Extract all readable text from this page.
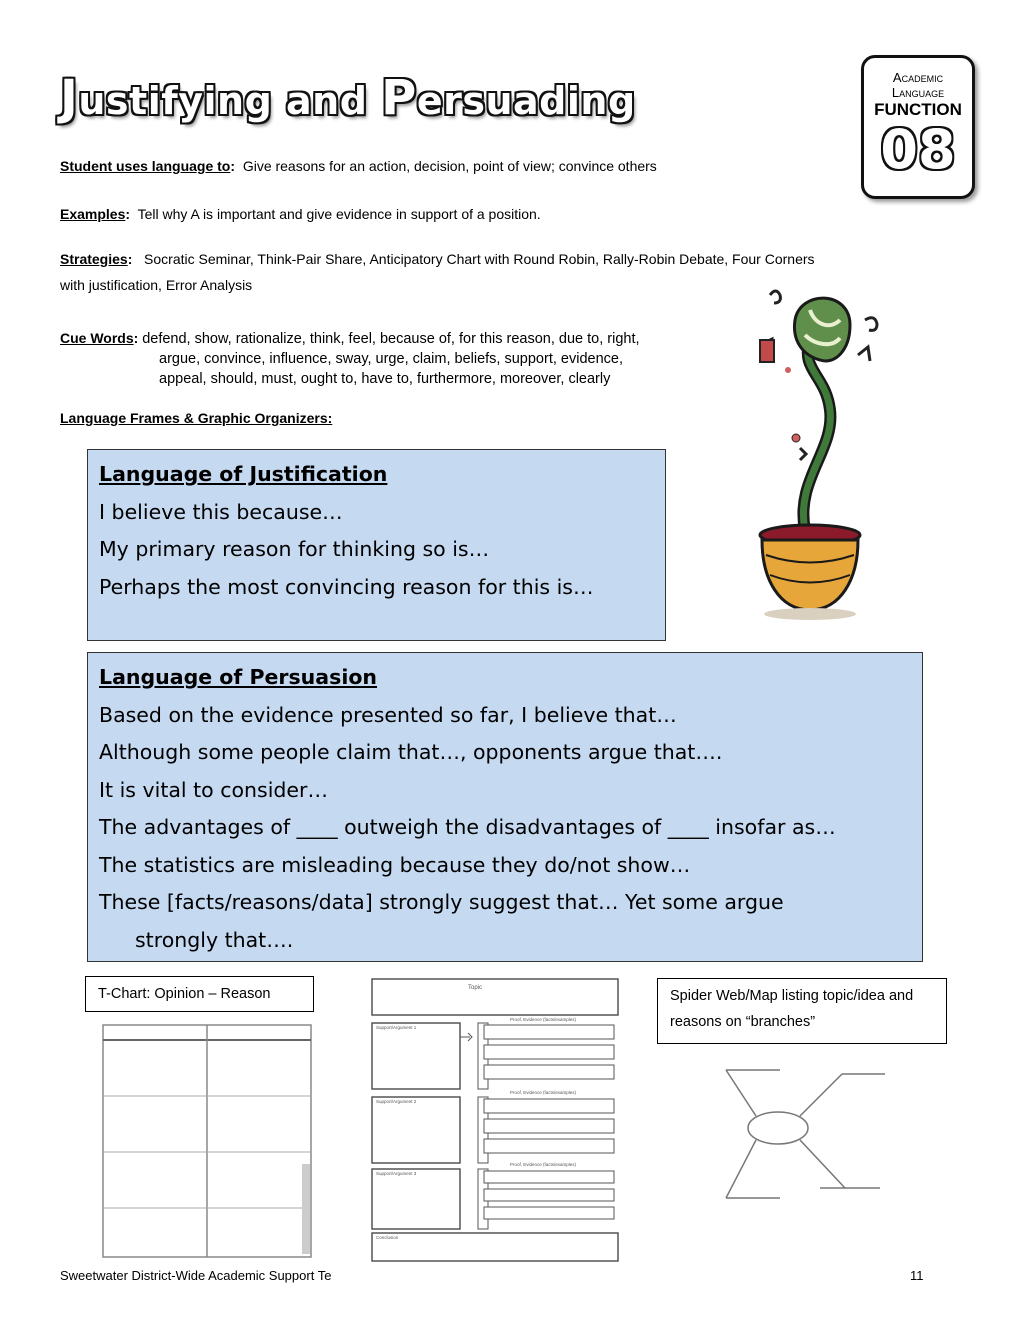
Justifying and Persuading
Academic
Language
FUNCTION
08
Student uses language to: Give reasons for an action, decision, point of view; convince others
Examples: Tell why A is important and give evidence in support of a position.
Strategies: Socratic Seminar, Think-Pair Share, Anticipatory Chart with Round Robin, Rally-Robin Debate, Four Corners
with justification, Error Analysis
Cue Words: defend, show, rationalize, think, feel, because of, for this reason, due to, right,
argue, convince, influence, sway, urge, claim, beliefs, support, evidence,
appeal, should, must, ought to, have to, furthermore, moreover, clearly
Language Frames & Graphic Organizers:
Language of Justification
I believe this because…
My primary reason for thinking so is…
Perhaps the most convincing reason for this is…
Language of Persuasion
Based on the evidence presented so far, I believe that…
Although some people claim that…, opponents argue that….
It is vital to consider…
The advantages of ____ outweigh the disadvantages of ____ insofar as…
The statistics are misleading because they do/not show…
These [facts/reasons/data] strongly suggest that… Yet some argue
strongly that….
T-Chart: Opinion – Reason	Topic
Support/Argument 1
Proof, Evidence (facts/examples)
Support/Argument 2
Proof, Evidence (facts/examples)
Support/Argument 3
Proof, Evidence (facts/examples)
Conclusion
Spider Web/Map listing topic/idea and reasons on “branches”
Sweetwater District-Wide Academic Support Te	11
